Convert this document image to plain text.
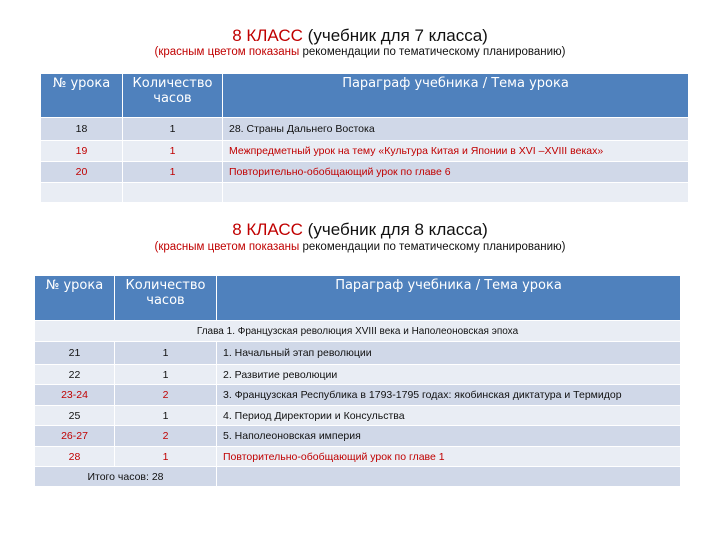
8 КЛАСС (учебник для 7 класса)
(красным цветом показаны рекомендации по тематическому планированию)
№ урока	Количество часов	Параграф учебника / Тема урока
18	1	28. Страны Дальнего Востока
19	1	Межпредметный урок на тему «Культура Китая и Японии в XVI –XVIII веках»
20	1	Повторительно-обобщающий урок по главе 6

8 КЛАСС (учебник для 8 класса)
(красным цветом показаны рекомендации по тематическому планированию)
№ урока	Количество часов	Параграф учебника / Тема урока
Глава 1. Французская революция XVIII века и Наполеоновская эпоха		
21	1	1. Начальный этап революции
22	1	2. Развитие революции
23-24	2	3. Французская Республика в 1793-1795 годах: якобинская диктатура и Термидор
25	1	4. Период Директории и Консульства
26-27	2	5. Наполеоновская империя
28	1	Повторительно-обобщающий урок по главе 1
Итого часов: 28		
